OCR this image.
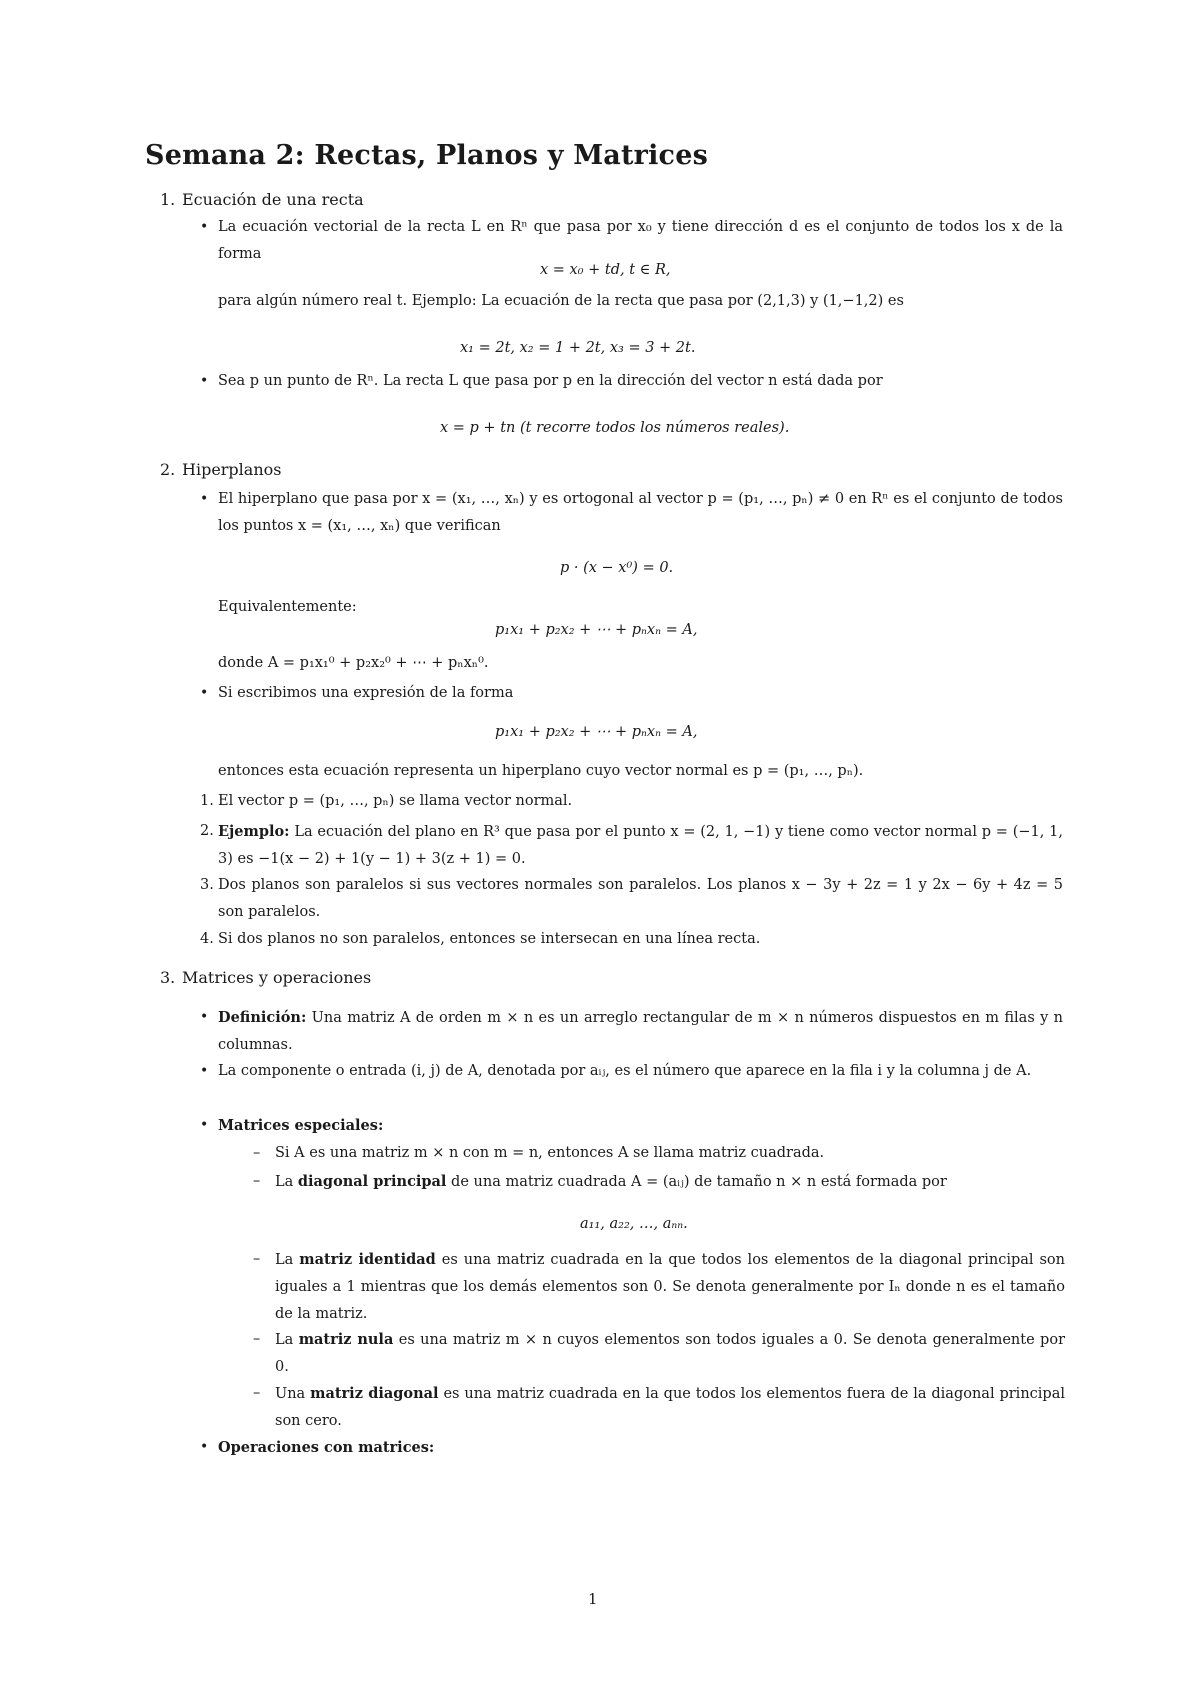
Semana 2: Rectas, Planos y Matrices
1. Ecuación de una recta
• La ecuación vectorial de la recta L en Rⁿ que pasa por x₀ y tiene dirección d es el conjunto de todos los x de la forma
x = x₀ + td, t ∈ R,
para algún número real t. Ejemplo: La ecuación de la recta que pasa por (2,1,3) y (1,−1,2) es
x₁ = 2t, x₂ = 1 + 2t, x₃ = 3 + 2t.
• Sea p un punto de Rⁿ. La recta L que pasa por p en la dirección del vector n está dada por
x = p + tn (t recorre todos los números reales).
2. Hiperplanos
• El hiperplano que pasa por x = (x₁, …, xₙ) y es ortogonal al vector p = (p₁, …, pₙ) ≠ 0 en Rⁿ es el conjunto de todos los puntos x = (x₁, …, xₙ) que verifican
p · (x − x⁰) = 0.
Equivalentemente:
p₁x₁ + p₂x₂ + ⋯ + pₙxₙ = A,
donde A = p₁x₁⁰ + p₂x₂⁰ + ⋯ + pₙxₙ⁰.
• Si escribimos una expresión de la forma
p₁x₁ + p₂x₂ + ⋯ + pₙxₙ = A,
entonces esta ecuación representa un hiperplano cuyo vector normal es p = (p₁, …, pₙ).
1. El vector p = (p₁, …, pₙ) se llama vector normal.
2. Ejemplo: La ecuación del plano en R³ que pasa por el punto x = (2, 1, −1) y tiene como vector normal p = (−1, 1, 3) es −1(x − 2) + 1(y − 1) + 3(z + 1) = 0.
3. Dos planos son paralelos si sus vectores normales son paralelos. Los planos x − 3y + 2z = 1 y 2x − 6y + 4z = 5 son paralelos.
4. Si dos planos no son paralelos, entonces se intersecan en una línea recta.
3. Matrices y operaciones
• Definición: Una matriz A de orden m × n es un arreglo rectangular de m × n números dispuestos en m filas y n columnas.
• La componente o entrada (i, j) de A, denotada por aᵢⱼ, es el número que aparece en la fila i y la columna j de A.
• Matrices especiales:
– Si A es una matriz m × n con m = n, entonces A se llama matriz cuadrada.
– La diagonal principal de una matriz cuadrada A = (aᵢⱼ) de tamaño n × n está formada por
a₁₁, a₂₂, …, aₙₙ.
– La matriz identidad es una matriz cuadrada en la que todos los elementos de la diagonal principal son iguales a 1 mientras que los demás elementos son 0. Se denota generalmente por Iₙ donde n es el tamaño de la matriz.
– La matriz nula es una matriz m × n cuyos elementos son todos iguales a 0. Se denota generalmente por 0.
– Una matriz diagonal es una matriz cuadrada en la que todos los elementos fuera de la diagonal principal son cero.
• Operaciones con matrices:
1
